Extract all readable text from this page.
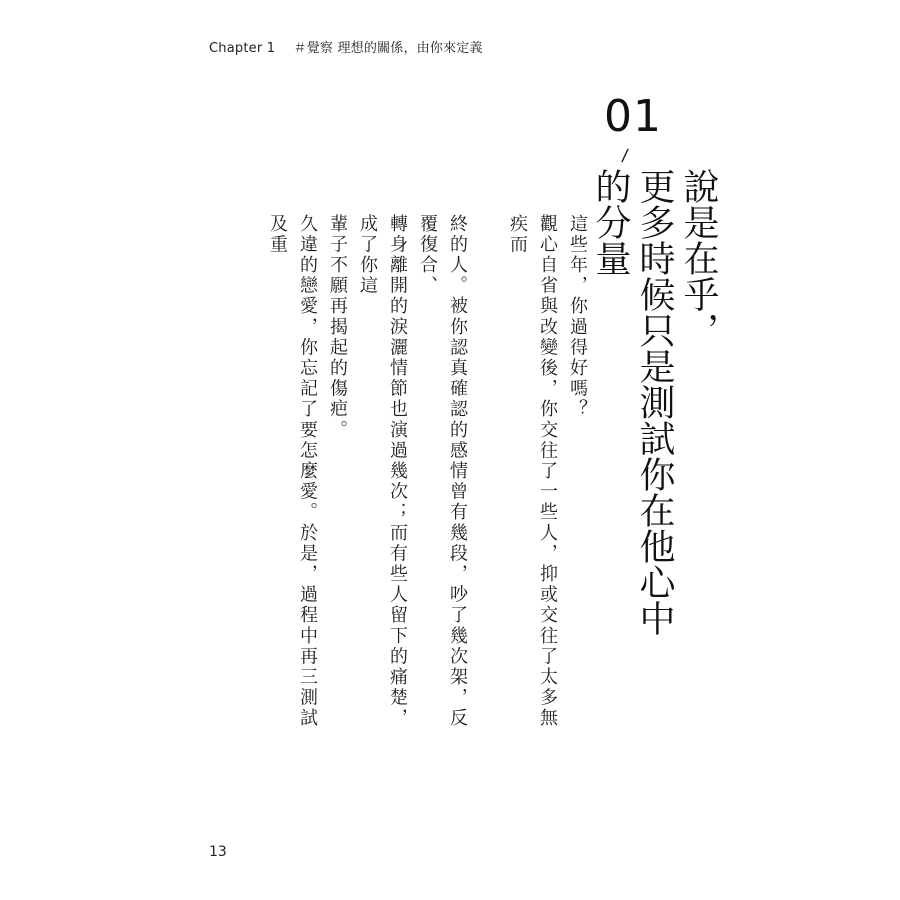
Chapter 1 ＃覺察 理想的關係，由你來定義
01
/
說是在乎，
更多時候只是測試你在他心中的分量

這些年，你過得好嗎？

觀心自省與改變後，你交往了一些人，抑或交往了太多無疾而

終的人。被你認真確認的感情曾有幾段，吵了幾次架，反覆復合、

轉身離開的淚灑情節也演過幾次；而有些人留下的痛楚，成了你這

輩子不願再揭起的傷疤。

久違的戀愛，你忘記了要怎麼愛。於是，過程中再三測試及重

13
